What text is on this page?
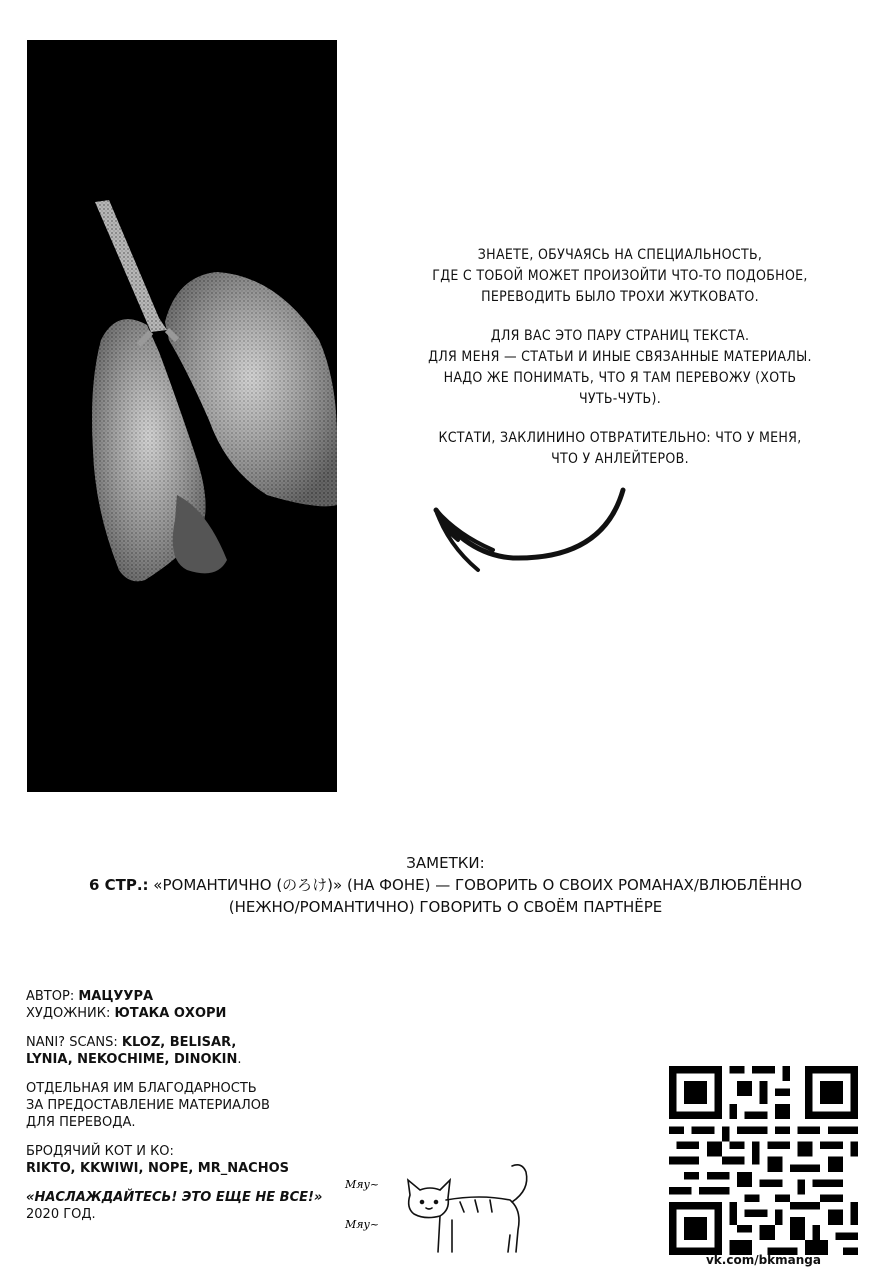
ЗНАЕТЕ, ОБУЧАЯСЬ НА СПЕЦИАЛЬНОСТЬ,
ГДЕ С ТОБОЙ МОЖЕТ ПРОИЗОЙТИ ЧТО-ТО ПОДОБНОЕ,
ПЕРЕВОДИТЬ БЫЛО ТРОХИ ЖУТКОВАТО.

ДЛЯ ВАС ЭТО ПАРУ СТРАНИЦ ТЕКСТА.
ДЛЯ МЕНЯ — СТАТЬИ И ИНЫЕ СВЯЗАННЫЕ МАТЕРИАЛЫ.
НАДО ЖЕ ПОНИМАТЬ, ЧТО Я ТАМ ПЕРЕВОЖУ (ХОТЬ
ЧУТЬ-ЧУТЬ).

КСТАТИ, ЗАКЛИНИНО ОТВРАТИТЕЛЬНО: ЧТО У МЕНЯ,
ЧТО У АНЛЕЙТЕРОВ.

ЗАМЕТКИ:
6 СТР.: «РОМАНТИЧНО (のろけ)» (НА ФОНЕ) — ГОВОРИТЬ О СВОИХ РОМАНАХ/ВЛЮБЛЁННО
(НЕЖНО/РОМАНТИЧНО) ГОВОРИТЬ О СВОЁМ ПАРТНЁРЕ
АВТОР: МАЦУУРА
ХУДОЖНИК: ЮТАКА ОХОРИ
NANI? SCANS: KLOZ, BELISAR,
LYNIA, NEKOCHIME, DINOKIN.
ОТДЕЛЬНАЯ ИМ БЛАГОДАРНОСТЬ
ЗА ПРЕДОСТАВЛЕНИЕ МАТЕРИАЛОВ
ДЛЯ ПЕРЕВОДА.
БРОДЯЧИЙ КОТ И КО:
RIKTO, KKWIWI, NOPE, MR_NACHOS
«НАСЛАЖДАЙТЕСЬ! ЭТО ЕЩЕ НЕ ВСЕ!»
2020 ГОД.
Мяу~
Мяу~
vk.com/bkmanga
